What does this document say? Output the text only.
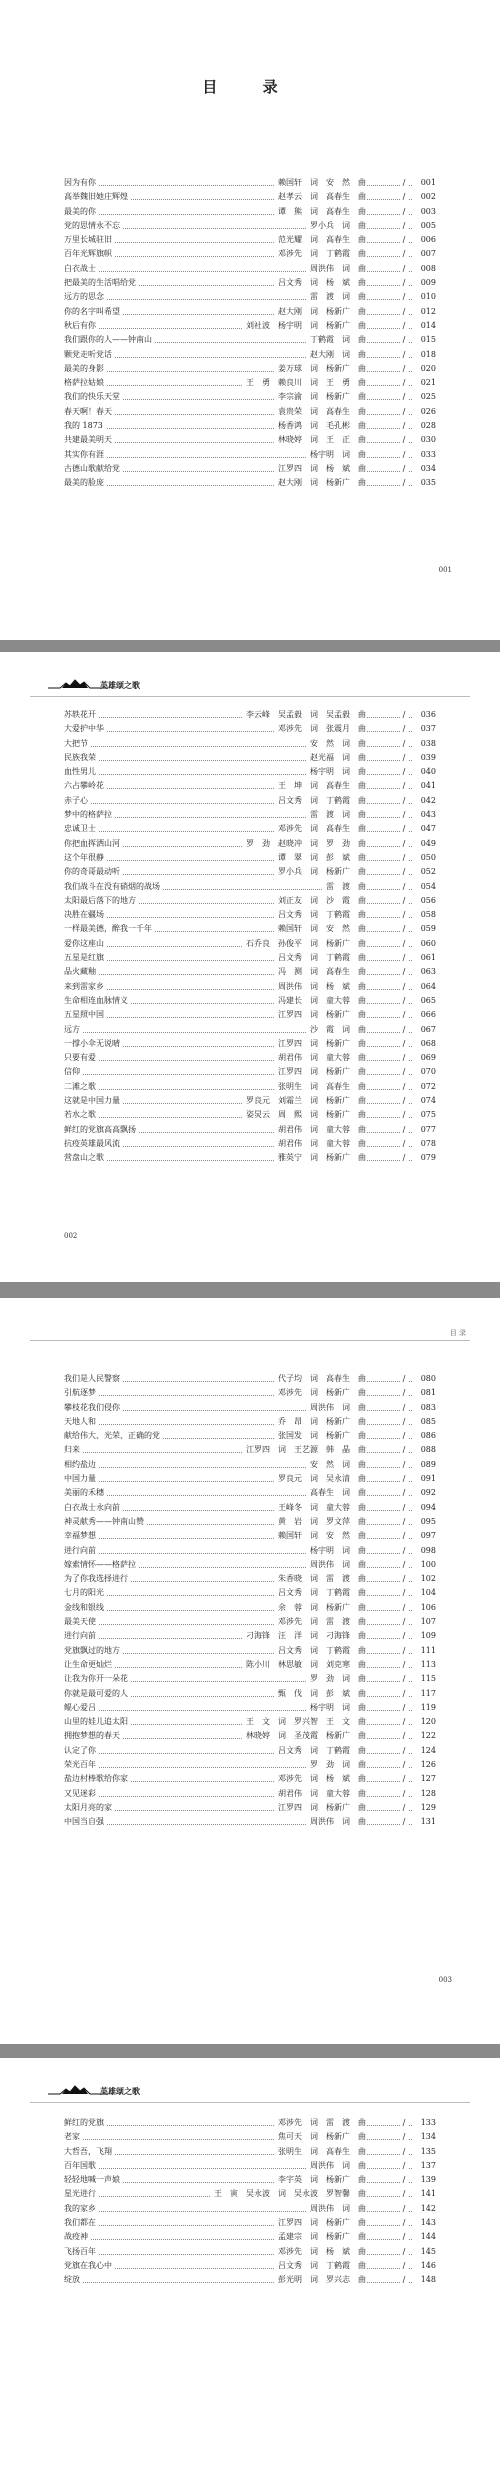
目 录
因为有你	赖国轩　词　安　然　曲	/	001
高举魏旧她庄辉煌	赵孝云　词　高春生　曲	/	002
最美的你	谭　熊　词　高春生　曲	/	003
党的思情永不忘	罗小兵　词　曲	/	005
万里长城驻旧	范光耀　词　高春生　曲	/	006
百年光辉旗帜	邓涉先　词　丁鹤霞　曲	/	007
白衣战士	周洪伟　词　曲	/	008
把最美的生活唱给党	吕文秀　词　杨　斌　曲	/	009
远方的思念	雷　渡　词　曲	/	010
你的名字叫希望	赵大刚　词　杨新广　曲	/	012
秋后有你	刘社波　杨宇明　词　杨新广　曲	/	014
我们跟你的人——钟南山	丁鹤霞　词　曲	/	015
颗党走听党话	赵大刚　词　曲	/	018
最美的身影	姜万球　词　杨新广　曲	/	020
格萨拉姑娘	王　勇　赖良川　词　王　勇　曲	/	021
我们的快乐天堂	李宗渝　词　杨新广　曲	/	025
春天啊！春天	袁贵荣　词　高春生　曲	/	026
我的 1873	杨香鸿　词　毛孔彬　曲	/	028
共建最美明天	林晓婷　词　王　正　曲	/	030
其实你有涯	杨宇明　词　曲	/	033
古德山歌献给党	江罗四　词　杨　斌　曲	/	034
最美的脸庞	赵大刚　词　杨新广　曲	/	035
001
英雄颂之歌
苏轶花开	李云峰　吴孟毅　词　吴孟毅　曲	/	036
大爱护中华	邓涉先　词　张震月　曲	/	037
大把节	安　然　词　曲	/	038
民族我荣	赵光福　词　曲	/	039
血性男儿	杨宇明　词　曲	/	040
六占攀岭花	王　坤　词　高春生　曲	/	041
赤子心	吕文秀　词　丁鹤霞　曲	/	042
梦中的格萨拉	雷　渡　词　曲	/	043
忠诚卫士	邓涉先　词　高春生　曲	/	047
你把血挥洒山河	罗　劲　赵晓冲　词　罗　劲　曲	/	049
这个年很静	谭　翠　词　彭　斌　曲	/	050
你的奇哥最动听	罗小兵　词　杨新广　曲	/	052
我们战斗在没有硝烟的战场	雷　渡　曲	/	054
太阳最后落下的地方	刘正友　词　沙　霞　曲	/	056
决胜在疆场	吕文秀　词　丁鹤霞　曲	/	058
一样最美德，醉我一千年	赖国轩　词　安　然　曲	/	059
爱你这座山	石乔良　孙俊平　词　杨新广　曲	/	060
五星是红旗	吕文秀　词　丁鹤霞　曲	/	061
品火藏釉	冯　测　词　高春生　曲	/	063
来到雷家乡	周洪伟　词　杨　斌　曲	/	064
生命相连血脉情义	冯建长　词　童大蓉　曲	/	065
五星照中国	江罗四　词　杨新广　曲	/	066
远方	沙　霞　词　曲	/	067
一撑小伞无说晴	江罗四　词　杨新广　曲	/	068
只要有爱	胡君伟　词　童大蓉　曲	/	069
信仰	江罗四　词　杨新广　曲	/	070
二滩之歌	张明生　词　高春生　曲	/	072
这就是中国力量	罗良元　刘霜兰　词　杨新广　曲	/	074
若水之歌	姿炅云　周　熙　词　杨新广　曲	/	075
鲜红的党旗高高飘扬	胡君伟　词　童大蓉　曲	/	077
抗疫英雄最风流	胡君伟　词　童大蓉　曲	/	078
营盘山之歌	雅英宁　词　杨新广　曲	/	079
002
目 录
我们是人民警察	代子均　词　高春生　曲	/	080
引航逐梦	邓涉先　词　杨新广　曲	/	081
攀枝花我们侵你	周洪伟　词　曲	/	083
天地人和	乔　昂　词　杨新广　曲	/	085
献给伟大、光荣、正确的党	张国发　词　杨新广　曲	/	086
归来	江罗四　词　王艺源　韩　晶　曲	/	088
相约盐边	安　然　词　曲	/	089
中国力量	罗良元　词　吴永清　曲	/	091
美丽的禾穗	高春生　词　曲	/	092
白衣战士永向前	王峰冬　词　童大蓉　曲	/	094
神灵献秀——钟南山赞	黄　岩　词　罗文萍　曲	/	095
幸福梦想	赖国轩　词　安　然　曲	/	097
进行向前	杨宇明　词　曲	/	098
嫁索情怀——格萨拉	周洪伟　词　曲	/	100
为了你我选择进行	朱香晓　词　雷　渡　曲	/	102
七月的阳光	吕文秀　词　丁鹤霞　曲	/	104
金线和银线	余　蓉　词　杨新广　曲	/	106
最美天使	邓涉先　词　雷　渡　曲	/	107
进行向前	刁海锋　汪　洋　词　刁海锋　曲	/	109
党旗飘过的地方	吕文秀　词　丁鹤霞　曲	/	111
让生命更灿烂	陈小川　林思敏　词　刘克寒　曲	/	113
让我为你开一朵花	罗　劲　词　曲	/	115
你就是最可爱的人	甄　伐　词　彭　斌　曲	/	117
鲲心爱吕	杨宇明　词　曲	/	119
山里的娃儿追太阳	王　文　词　罗兴智　王　文　曲	/	120
拥抱梦想的春天	林晓婷　词　圣茂霞　杨新广　曲	/	122
认定了你	吕文秀　词　丁鹤霞　曲	/	124
荣光百年	罗　劲　词　曲	/	126
盐边村棒歌给你家	邓涉先　词　杨　斌　曲	/	127
又见迷彩	胡君伟　词　童大蓉　曲	/	128
太阳月亮的家	江罗四　词　杨新广　曲	/	129
中国当自强	周洪伟　词　曲	/	131
003
英雄颂之歌
鲜红的党旗	邓涉先　词　雷　渡　曲	/	133
老家	焦可天　词　杨新广　曲	/	134
大哲吾，飞翔	张明生　词　高春生　曲	/	135
百年国歌	周洪伟　词　曲	/	137
轻轻地喊一声娘	李宇英　词　杨新广　曲	/	139
星光进行	王　寅　吴永波　词　吴永波　罗智馨　曲	/	141
我的家乡	周洪伟　词　曲	/	142
我们都在	江罗四　词　杨新广　曲	/	143
战疫神	孟建宗　词　杨新广　曲	/	144
飞扬百年	邓涉先　词　杨　斌　曲	/	145
党旗在我心中	吕文秀　词　丁鹤霞　曲	/	146
绽放	彭光明　词　罗兴志　曲	/	148
